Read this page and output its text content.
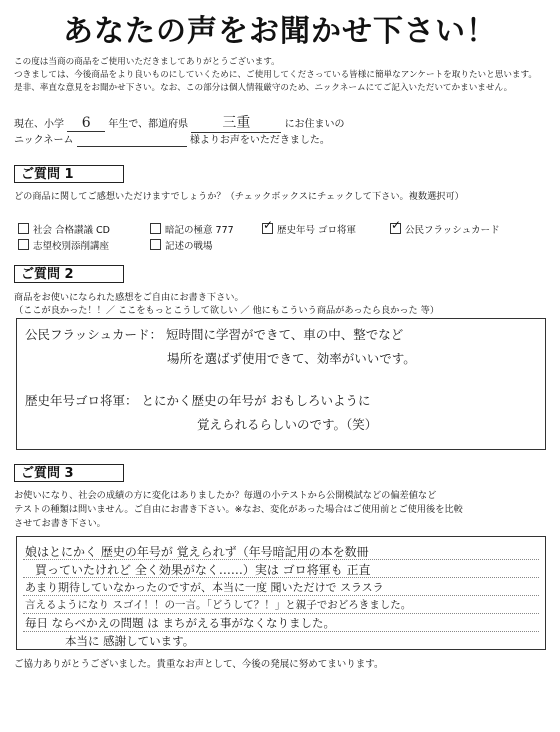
あなたの声をお聞かせ下さい！
この度は当商の商品をご使用いただきましてありがとうございます。
つきましては、今後商品をより良いものにしていくために、ご使用してくださっている皆様に簡単なアンケートを取りたいと思います。
是非、率直な意見をお聞かせ下さい。なお、この部分は個人情報厳守のため、ニックネームにてご記入いただいてかまいません。
現在、小学 6 年生で、都道府県 三重	にお住まいの
ニックネーム	様よりお声をいただきました。
ご質問 1
どの商品に関してご感想いただけますでしょうか？（チェックボックスにチェックして下さい。複数選択可）
社会 合格讃議 CD	暗記の極意 777 ✓ 歴史年号 ゴロ将軍	✓ 公民フラッシュカード
志望校別添削講座	記述の戦場
ご質問 2
商品をお使いになられた感想をご自由にお書き下さい。
（ここが良かった！！／ ここをもっとこうして欲しい ／ 他にもこういう商品があったら良かった 等）
公民フラッシュカード： 短時間に学習ができて、車の中、整でなど
場所を選ばず使用できて、効率がいいです。
歴史年号ゴロ将軍： とにかく歴史の年号が おもしろいように
覚えられるらしいのです。（笑）
ご質問 3
お使いになり、社会の成績の方に変化はありましたか？毎週の小テストから公開模試などの偏差値など
テストの種類は問いません。ご自由にお書き下さい。※なお、変化があった場合はご使用前とご使用後を比較
させてお書き下さい。
娘はとにかく 歴史の年号が 覚えられず（年号暗記用の本を数冊
買っていたけれど 全く効果がなく……）実は ゴロ将軍も 正直
あまり期待していなかったのですが、本当に一度 聞いただけで スラスラ
言えるようになり スゴイ！！の一言。「どうして？！」と親子でおどろきました。
毎日 ならべかえの問題 は まちがえる事がなくなりました。
本当に 感謝しています。
ご協力ありがとうございました。貴重なお声として、今後の発展に努めてまいります。
